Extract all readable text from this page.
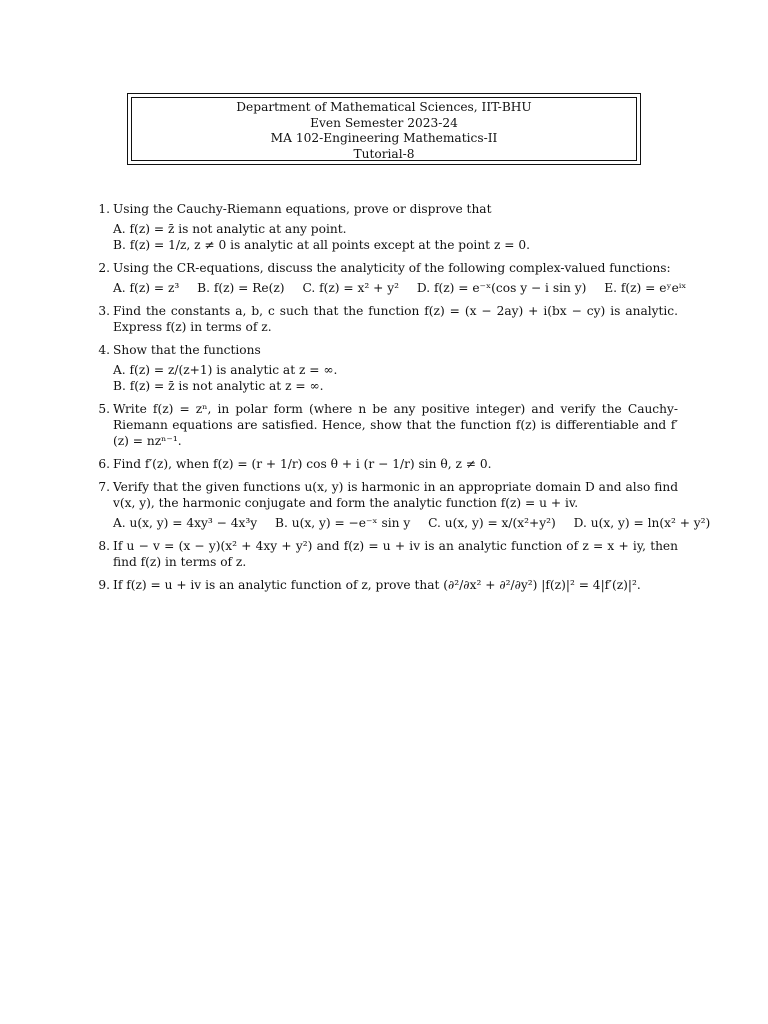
Department of Mathematical Sciences, IIT-BHU
Even Semester 2023-24
MA 102-Engineering Mathematics-II
Tutorial-8
1. Using the Cauchy-Riemann equations, prove or disprove that
A. f(z) = z̄ is not analytic at any point.
B. f(z) = 1/z, z ≠ 0 is analytic at all points except at the point z = 0.
2. Using the CR-equations, discuss the analyticity of the following complex-valued functions:
A. f(z) = z³ B. f(z) = Re(z) C. f(z) = x² + y² D. f(z) = e⁻ˣ(cos y − i sin y) E. f(z) = eʸeⁱˣ
3. Find the constants a, b, c such that the function f(z) = (x − 2ay) + i(bx − cy) is analytic. Express f(z) in terms of z.
4. Show that the functions
A. f(z) = z/(z+1) is analytic at z = ∞.
B. f(z) = z̄ is not analytic at z = ∞.
5. Write f(z) = zⁿ, in polar form (where n be any positive integer) and verify the Cauchy-Riemann equations are satisfied. Hence, show that the function f(z) is differentiable and f′(z) = nzⁿ⁻¹.
6. Find f′(z), when f(z) = (r + 1/r) cos θ + i (r − 1/r) sin θ, z ≠ 0.
7. Verify that the given functions u(x, y) is harmonic in an appropriate domain D and also find v(x, y), the harmonic conjugate and form the analytic function f(z) = u + iv.
A. u(x, y) = 4xy³ − 4x³y B. u(x, y) = −e⁻ˣ sin y C. u(x, y) = x/(x²+y²) D. u(x, y) = ln(x² + y²)
8. If u − v = (x − y)(x² + 4xy + y²) and f(z) = u + iv is an analytic function of z = x + iy, then find f(z) in terms of z.
9. If f(z) = u + iv is an analytic function of z, prove that (∂²/∂x² + ∂²/∂y²) |f(z)|² = 4|f′(z)|².
